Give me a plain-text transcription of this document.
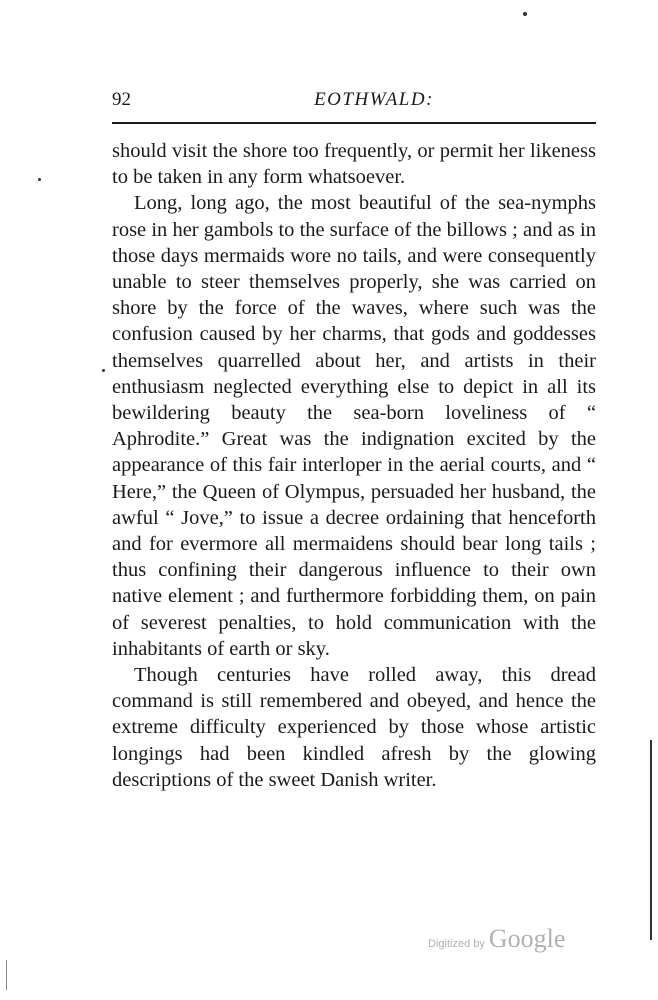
92	EOTHWALD:

should visit the shore too frequently, or permit her likeness to be taken in any form whatsoever.

Long, long ago, the most beautiful of the sea-nymphs rose in her gambols to the surface of the billows ; and as in those days mermaids wore no tails, and were consequently unable to steer themselves properly, she was carried on shore by the force of the waves, where such was the confusion caused by her charms, that gods and goddesses themselves quarrelled about her, and artists in their enthusiasm neglected everything else to depict in all its bewildering beauty the sea-born loveliness of “ Aphrodite.” Great was the indignation excited by the appearance of this fair interloper in the aerial courts, and “ Here,” the Queen of Olympus, persuaded her husband, the awful “ Jove,” to issue a decree ordaining that henceforth and for evermore all mermaidens should bear long tails ; thus confining their dangerous influence to their own native element ; and furthermore forbidding them, on pain of severest penalties, to hold communication with the inhabitants of earth or sky.

Though centuries have rolled away, this dread command is still remembered and obeyed, and hence the extreme difficulty experienced by those whose artistic longings had been kindled afresh by the glowing descriptions of the sweet Danish writer.

Digitized by Google
